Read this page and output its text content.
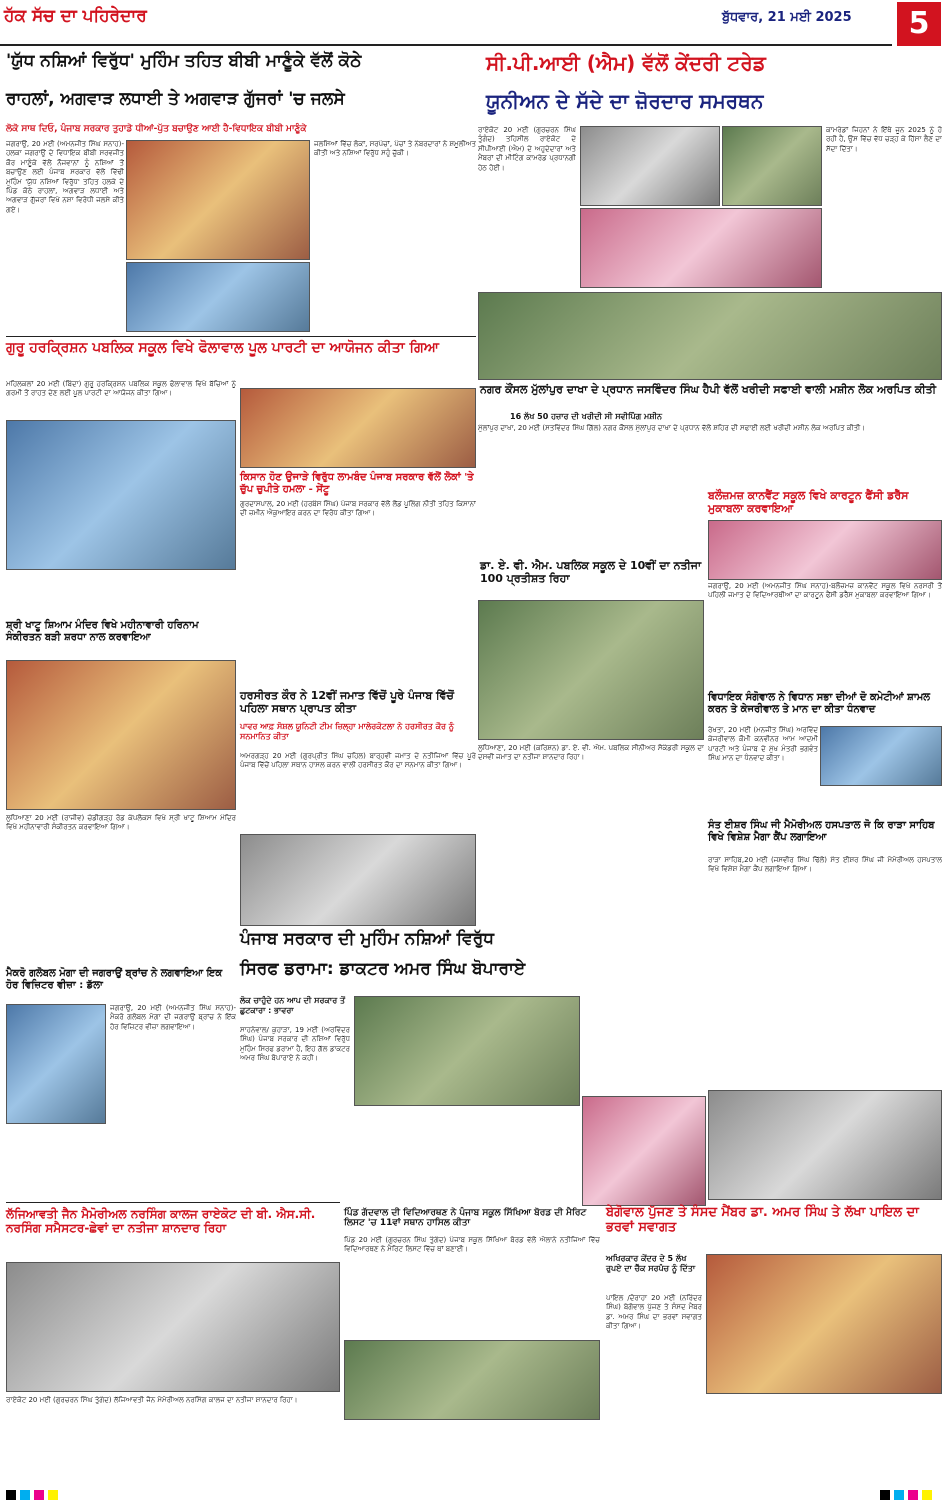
ਹੱਕ ਸੱਚ ਦਾ ਪਹਿਰੇਦਾਰ	ਬੁੱਧਵਾਰ, 21 ਮਈ 2025	5
'ਯੁੱਧ ਨਸ਼ਿਆਂ ਵਿਰੁੱਧ' ਮੁਹਿੰਮ ਤਹਿਤ ਬੀਬੀ ਮਾਣੂੰਕੇ ਵੱਲੋਂ ਕੋਠੇ
ਰਾਹਲਾਂ, ਅਗਵਾੜ ਲਧਾਈ ਤੇ ਅਗਵਾੜ ਗੁੱਜਰਾਂ 'ਚ ਜਲਸੇ
ਲੋਕੋ ਸਾਥ ਦਿਓ, ਪੰਜਾਬ ਸਰਕਾਰ ਤੁਹਾਡੇ ਧੀਆਂ-ਪੁੱਤ ਬਚਾਉਣ ਆਈ ਹੈ-ਵਿਧਾਇਕ ਬੀਬੀ ਮਾਣੂੰਕੇ
ਜਗਰਾਉਂ, 20 ਮਈ (ਅਮਨਜੀਤ ਸਿੰਘ ਸਨਾਹ)-ਹਲਕਾ ਜਗਰਾਉਂ ਦੇ ਵਿਧਾਇਕ ਬੀਬੀ ਸਰਵਜੀਤ ਕੌਰ ਮਾਣੂੰਕੇ ਵੱਲੋਂ ਨੌਜਵਾਨਾਂ ਨੂੰ ਨਸ਼ਿਆਂ ਤੋਂ ਬਚਾਉਣ ਲਈ ਪੰਜਾਬ ਸਰਕਾਰ ਵੱਲੋਂ ਵਿੱਢੀ ਮੁਹਿੰਮ 'ਯੁੱਧ ਨਸ਼ਿਆਂ ਵਿਰੁੱਧ' ਤਹਿਤ ਹਲਕੇ ਦੇ ਪਿੰਡ ਕੋਠੇ ਰਾਹਲਾਂ, ਅਗਵਾੜ ਲਧਾਈ ਅਤੇ ਅਗਵਾੜ ਗੁੱਜਰਾਂ ਵਿਖੇ ਨਸ਼ਾ ਵਿਰੋਧੀ ਜਲਸੇ ਕੀਤੇ ਗਏ।
ਜਲਸਿਆਂ ਵਿੱਚ ਲੋਕਾਂ, ਸਰਪੰਚਾਂ, ਪੰਚਾਂ ਤੇ ਨੰਬਰਦਾਰਾਂ ਨੇ ਸ਼ਮੂਲੀਅਤ ਕੀਤੀ ਅਤੇ ਨਸ਼ਿਆਂ ਵਿਰੁੱਧ ਸਹੁੰ ਚੁੱਕੀ।
ਸੀ.ਪੀ.ਆਈ (ਐਮ) ਵੱਲੋਂ ਕੇਂਦਰੀ ਟਰੇਡ
ਯੂਨੀਅਨ ਦੇ ਸੱਦੇ ਦਾ ਜ਼ੋਰਦਾਰ ਸਮਰਥਨ
ਰਾਏਕੋਟ 20 ਮਈ (ਗੁਰਚਰਨ ਸਿੰਘ ਤੁੰਗੰਦ) ਤਹਿਸੀਲ ਰਾਏਕੋਟ ਦੇ ਸੀਪੀਆਈ (ਐਮ) ਦੇ ਅਹੁਦੇਦਾਰਾਂ ਅਤੇ ਮੈਂਬਰਾਂ ਦੀ ਮੀਟਿੰਗ ਕਾਮਰੇਡ ਪ੍ਰਧਾਨਗੀ ਹੇਠ ਹੋਈ।
ਕਾਮਰੇਡਾਂ ਜਿਹਨਾਂ ਨੇ ਇੱਥੇ ਜੂਨ 2025 ਨੂੰ ਹੋ ਰਹੀ ਹੈ, ਉਸ ਵਿੱਚ ਵੱਧ ਚੜ੍ਹ ਕੇ ਹਿੱਸਾ ਲੈਣ ਦਾ ਸੱਦਾ ਦਿੱਤਾ।
ਗੁਰੂ ਹਰਕ੍ਰਿਸ਼ਨ ਪਬਲਿਕ ਸਕੂਲ ਵਿਖੇ ਫੋਲਾਵਾਲ ਪੂਲ ਪਾਰਟੀ ਦਾ ਆਯੋਜਨ ਕੀਤਾ ਗਿਆ
ਮਹਿਲਕਲਾਂ 20 ਮਈ (ਬਿੰਦਾ) ਗੁਰੂ ਹਰਕ੍ਰਿਸ਼ਨ ਪਬਲਿਕ ਸਕੂਲ ਫੋਲਾਵਾਲ ਵਿਖੇ ਬੱਚਿਆਂ ਨੂੰ ਗਰਮੀ ਤੋਂ ਰਾਹਤ ਦੇਣ ਲਈ ਪੂਲ ਪਾਰਟੀ ਦਾ ਆਯੋਜਨ ਕੀਤਾ ਗਿਆ।	ਨਗਰ ਕੌਂਸਲ ਮੁੱਲਾਂਪੁਰ ਦਾਖਾ ਦੇ ਪ੍ਰਧਾਨ ਜਸਵਿੰਦਰ ਸਿੰਘ ਹੈਪੀ ਵੱਲੋਂ ਖਰੀਦੀ ਸਫਾਈ ਵਾਲੀ ਮਸ਼ੀਨ ਲੋਕ ਅਰਪਿਤ ਕੀਤੀ
16 ਲੱਖ 50 ਹਜ਼ਾਰ ਦੀ ਖਰੀਦੀ ਸੀ ਸਵੀਪਿੰਗ ਮਸ਼ੀਨ
ਮੁੱਲਾਂਪੁਰ ਦਾਖਾ, 20 ਮਈ (ਸਤਵਿੰਦਰ ਸਿੰਘ ਗਿੱਲ) ਨਗਰ ਕੌਂਸਲ ਮੁੱਲਾਂਪੁਰ ਦਾਖਾ ਦੇ ਪ੍ਰਧਾਨ ਵੱਲੋਂ ਸ਼ਹਿਰ ਦੀ ਸਫਾਈ ਲਈ ਖਰੀਦੀ ਮਸ਼ੀਨ ਲੋਕ ਅਰਪਿਤ ਕੀਤੀ।
ਕਿਸਾਨ ਹੋਣ ਉਜਾੜੇ ਵਿਰੁੱਧ ਲਾਮਬੰਦ ਪੰਜਾਬ ਸਰਕਾਰ ਵੱਲੋਂ ਲੋਕਾਂ 'ਤੇ ਚੁੱਪ ਚੁਪੀਤੇ ਹਮਲਾ - ਸੇਂਟੂ
ਗੁਰਦਾਸਪਾਲ, 20 ਮਈ (ਹਰਬੰਸ ਸਿੰਘ) ਪੰਜਾਬ ਸਰਕਾਰ ਵੱਲੋਂ ਲੈਂਡ ਪੂਲਿੰਗ ਨੀਤੀ ਤਹਿਤ ਕਿਸਾਨਾਂ ਦੀ ਜ਼ਮੀਨ ਐਕੁਆਇਰ ਕਰਨ ਦਾ ਵਿਰੋਧ ਕੀਤਾ ਗਿਆ।
ਡਾ. ਏ. ਵੀ. ਐਮ. ਪਬਲਿਕ ਸਕੂਲ ਦੇ 10ਵੀਂ ਦਾ ਨਤੀਜਾ 100 ਪ੍ਰਤੀਸ਼ਤ ਰਿਹਾ
ਲੁਧਿਆਣਾ, 20 ਮਈ (ਕਰਿਸ਼ਨ) ਡਾ. ਏ. ਵੀ. ਐਮ. ਪਬਲਿਕ ਸੀਨੀਅਰ ਸੈਕੰਡਰੀ ਸਕੂਲ ਦਾ ਦਸਵੀਂ ਜਮਾਤ ਦਾ ਨਤੀਜਾ ਸ਼ਾਨਦਾਰ ਰਿਹਾ।
ਬਲੌਜ਼ਮਜ਼ ਕਾਨਵੈਂਟ ਸਕੂਲ ਵਿਖੇ ਕਾਰਟੂਨ ਫੈਂਸੀ ਡਰੈੱਸ ਮੁਕਾਬਲਾ ਕਰਵਾਇਆ
ਜਗਰਾਉਂ, 20 ਮਈ (ਅਮਨਜੀਤ ਸਿੰਘ ਸਨਾਹ)-ਬਲੌਜ਼ਮਜ਼ ਕਾਨਵੈਂਟ ਸਕੂਲ ਵਿਖੇ ਨਰਸਰੀ ਤੋਂ ਪਹਿਲੀ ਜਮਾਤ ਦੇ ਵਿਦਿਆਰਥੀਆਂ ਦਾ ਕਾਰਟੂਨ ਫੈਂਸੀ ਡਰੈੱਸ ਮੁਕਾਬਲਾ ਕਰਵਾਇਆ ਗਿਆ।
ਸ਼੍ਰੀ ਖਾਟੂ ਸ਼ਿਆਮ ਮੰਦਿਰ ਵਿਖੇ ਮਹੀਨਾਵਾਰੀ ਹਰਿਨਾਮ ਸੰਕੀਰਤਨ ਬੜੀ ਸ਼ਰਧਾ ਨਾਲ ਕਰਵਾਇਆ
ਲੁਧਿਆਣਾ 20 ਮਈ (ਰਾਜੀਵ) ਚੰਡੀਗੜ੍ਹ ਰੋਡ ਕੰਪਲੈਕਸ ਵਿਖੇ ਸ੍ਰੀ ਖਾਟੂ ਸ਼ਿਆਮ ਮੰਦਿਰ ਵਿਖੇ ਮਹੀਨਾਵਾਰੀ ਸੰਕੀਰਤਨ ਕਰਵਾਇਆ ਗਿਆ।
ਹਰਸੀਰਤ ਕੌਰ ਨੇ 12ਵੀਂ ਜਮਾਤ ਵਿੱਚੋਂ ਪੂਰੇ ਪੰਜਾਬ ਵਿੱਚੋਂ ਪਹਿਲਾ ਸਥਾਨ ਪ੍ਰਾਪਤ ਕੀਤਾ
ਪਾਵਰ ਆਫ਼ ਸੋਸ਼ਲ ਯੂਨਿਟੀ ਟੀਮ ਜ਼ਿਲ੍ਹਾ ਮਾਲੇਰਕੋਟਲਾ ਨੇ ਹਰਸੀਰਤ ਕੌਰ ਨੂੰ ਸਨਮਾਨਿਤ ਕੀਤਾ
ਅਮਰਗੜ੍ਹ 20 ਮਈ (ਗੁਰਪ੍ਰੀਤ ਸਿੰਘ ਚਹਿਲ) ਬਾਰ੍ਹਵੀਂ ਜਮਾਤ ਦੇ ਨਤੀਜਿਆਂ ਵਿੱਚ ਪੂਰੇ ਪੰਜਾਬ ਵਿੱਚੋਂ ਪਹਿਲਾ ਸਥਾਨ ਹਾਸਲ ਕਰਨ ਵਾਲੀ ਹਰਸੀਰਤ ਕੌਰ ਦਾ ਸਨਮਾਨ ਕੀਤਾ ਗਿਆ।
ਵਿਧਾਇਕ ਸੰਗੋਵਾਲ ਨੇ ਵਿਧਾਨ ਸਭਾ ਦੀਆਂ ਦੋ ਕਮੇਟੀਆਂ ਸ਼ਾਮਲ ਕਰਨ ਤੇ ਕੇਜਰੀਵਾਲ ਤੇ ਮਾਨ ਦਾ ਕੀਤਾ ਧੰਨਵਾਦ
ਰੇਖਤਾ, 20 ਮਈ (ਮਨਜੀਤ ਸਿੰਘ) ਅਰਵਿੰਦ ਕੇਜਰੀਵਾਲ ਕੌਮੀ ਕਨਵੀਨਰ ਆਮ ਆਦਮੀ ਪਾਰਟੀ ਅਤੇ ਪੰਜਾਬ ਦੇ ਮੁੱਖ ਮੰਤਰੀ ਭਗਵੰਤ ਸਿੰਘ ਮਾਨ ਦਾ ਧੰਨਵਾਦ ਕੀਤਾ।
ਸੰਤ ਈਸ਼ਰ ਸਿੰਘ ਜੀ ਮੈਮੋਰੀਅਲ ਹਸਪਤਾਲ ਜੋ ਕਿ ਰਾੜਾ ਸਾਹਿਬ ਵਿਖੇ ਵਿਸ਼ੇਸ਼ ਮੈਗਾ ਕੈਂਪ ਲਗਾਇਆ
ਰਾੜਾ ਸਾਹਿਬ,20 ਮਈ (ਜਸਵੀਰ ਸਿੰਘ ਢਿੱਲੋਂ) ਸੰਤ ਈਸ਼ਰ ਸਿੰਘ ਜੀ ਮੈਮੋਰੀਅਲ ਹਸਪਤਾਲ ਵਿਖੇ ਵਿਸ਼ੇਸ਼ ਮੈਗਾ ਕੈਂਪ ਲਗਾਇਆ ਗਿਆ।
ਪੰਜਾਬ ਸਰਕਾਰ ਦੀ ਮੁਹਿੰਮ ਨਸ਼ਿਆਂ ਵਿਰੁੱਧ
ਸਿਰਫ ਡਰਾਮਾ: ਡਾਕਟਰ ਅਮਰ ਸਿੰਘ ਬੋਪਾਰਾਏ
ਲੋਕ ਚਾਹੁੰਦੇ ਹਨ ਆਪ ਦੀ ਸਰਕਾਰ ਤੋਂ ਛੁਟਕਾਰਾ : ਭਾਵਰਾ
ਸਾਹਨੇਵਾਲ/ ਕੁਹਾੜਾ, 19 ਮਈ (ਅਰਵਿੰਦਰ ਸਿੰਘ) ਪੰਜਾਬ ਸਰਕਾਰ ਦੀ ਨਸ਼ਿਆਂ ਵਿਰੁੱਧ ਮੁਹਿੰਮ ਸਿਰਫ ਡਰਾਮਾ ਹੈ, ਇਹ ਗੱਲ ਡਾਕਟਰ ਅਮਰ ਸਿੰਘ ਬੋਪਾਰਾਏ ਨੇ ਕਹੀ।
ਮੈਕਰੋ ਗਲੋਬਲ ਮੋਗਾ ਦੀ ਜਗਰਾਉਂ ਬ੍ਰਾਂਚ ਨੇ ਲਗਵਾਇਆ ਇਕ ਹੋਰ ਵਿਜ਼ਿਟਰ ਵੀਜ਼ਾ : ਡੱਲਾ
ਜਗਰਾਉਂ, 20 ਮਈ (ਅਮਨਜੀਤ ਸਿੰਘ ਸਨਾਹ)-ਮੈਕਰੋ ਗਲੋਬਲ ਮੋਗਾ ਦੀ ਜਗਰਾਉਂ ਬ੍ਰਾਂਚ ਨੇ ਇੱਕ ਹੋਰ ਵਿਜ਼ਿਟਰ ਵੀਜ਼ਾ ਲਗਵਾਇਆ।
ਲੱਜਿਆਵਤੀ ਜੈਨ ਮੈਮੋਰੀਅਲ ਨਰਸਿੰਗ ਕਾਲਜ ਰਾਏਕੋਟ ਦੀ ਬੀ. ਐਸ.ਸੀ. ਨਰਸਿੰਗ ਸਮੈਸਟਰ-ਛੇਵਾਂ ਦਾ ਨਤੀਜਾ ਸ਼ਾਨਦਾਰ ਰਿਹਾ
ਰਾਏਕੋਟ 20 ਮਈ (ਗੁਰਚਰਨ ਸਿੰਘ ਤੁੰਗੰਦ) ਲੱਜਿਆਵਤੀ ਜੈਨ ਮੈਮੋਰੀਅਲ ਨਰਸਿੰਗ ਕਾਲਜ ਦਾ ਨਤੀਜਾ ਸ਼ਾਨਦਾਰ ਰਿਹਾ।
ਪਿੰਡ ਗੱਦਵਾਲ ਦੀ ਵਿਦਿਆਰਥਣ ਨੇ ਪੰਜਾਬ ਸਕੂਲ ਸਿੱਖਿਆ ਬੋਰਡ ਦੀ ਮੈਰਿਟ ਲਿਸਟ 'ਚ 11ਵਾਂ ਸਥਾਨ ਹਾਸਿਲ ਕੀਤਾ
ਪਿੰਡ 20 ਮਈ (ਗੁਰਚਰਨ ਸਿੰਘ ਤੁੰਗੰਦ) ਪੰਜਾਬ ਸਕੂਲ ਸਿੱਖਿਆ ਬੋਰਡ ਵੱਲੋਂ ਐਲਾਨੇ ਨਤੀਜਿਆਂ ਵਿੱਚ ਵਿਦਿਆਰਥਣ ਨੇ ਮੈਰਿਟ ਲਿਸਟ ਵਿੱਚ ਥਾਂ ਬਣਾਈ।
ਬੇਗੋਵਾਲ ਪੁੱਜਣ ਤੇ ਸੰਸਦ ਮੈਂਬਰ ਡਾ. ਅਮਰ ਸਿੰਘ ਤੇ ਲੱਖਾ ਪਾਇਲ ਦਾ ਭਰਵਾਂ ਸਵਾਗਤ
ਅਖਿਰਕਾਰ ਕੇਂਦਰ ਦੇ 5 ਲੱਖ ਰੁਪਏ ਦਾ ਚੈੱਕ ਸਰਪੰਚ ਨੂੰ ਦਿੱਤਾ
ਪਾਇਲ /ਦੋਰਾਹਾ 20 ਮਈ (ਨਰਿੰਦਰ ਸਿੰਘ) ਬੇਗੋਵਾਲ ਪੁੱਜਣ ਤੇ ਸੰਸਦ ਮੈਂਬਰ ਡਾ. ਅਮਰ ਸਿੰਘ ਦਾ ਭਰਵਾਂ ਸਵਾਗਤ ਕੀਤਾ ਗਿਆ।
